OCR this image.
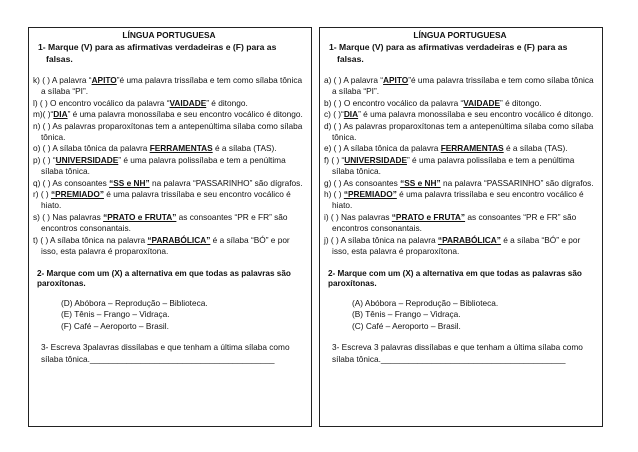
LÍNGUA PORTUGUESA
1- Marque (V) para as afirmativas verdadeiras e (F) para as falsas.
k) ( ) A palavra “APITO”é uma palavra trissílaba e tem como sílaba tônica a sílaba “PI”.
l) ( ) O encontro vocálico da palavra “VAIDADE” é ditongo.
m)( )“DIA” é uma palavra monossílaba e seu encontro vocálico é ditongo.
n) ( ) As palavras proparoxítonas tem a antepenúltima sílaba como sílaba tônica.
o) ( ) A sílaba tônica da palavra FERRAMENTAS é a sílaba (TAS).
p) ( ) “UNIVERSIDADE” é uma palavra polissílaba e tem a penúltima sílaba tônica.
q) ( ) As consoantes “SS e NH” na palavra “PASSARINHO” são dígrafos.
r) ( ) “PREMIADO” é uma palavra trissílaba e seu encontro vocálico é hiato.
s) ( ) Nas palavras “PRATO e FRUTA” as consoantes “PR e FR” são encontros consonantais.
t) ( ) A sílaba tônica na palavra “PARABÓLICA” é a sílaba “BÓ” e por isso, esta palavra é proparoxítona.
2- Marque com um (X) a alternativa em que todas as palavras são paroxítonas.
(D) Abóbora – Reprodução – Biblioteca.
(E) Tênis – Frango – Vidraça.
(F) Café – Aeroporto – Brasil.
3- Escreva 3palavras dissílabas e que tenham a última sílaba como sílaba tônica.________________________________________
LÍNGUA PORTUGUESA
1- Marque (V) para as afirmativas verdadeiras e (F) para as falsas.
a) ( ) A palavra “APITO”é uma palavra trissílaba e tem como sílaba tônica a sílaba “PI”.
b) ( ) O encontro vocálico da palavra “VAIDADE” é ditongo.
c) ( )“DIA” é uma palavra monossílaba e seu encontro vocálico é ditongo.
d) ( ) As palavras proparoxítonas tem a antepenúltima sílaba como sílaba tônica.
e) ( ) A sílaba tônica da palavra FERRAMENTAS é a sílaba (TAS).
f) ( ) “UNIVERSIDADE” é uma palavra polissílaba e tem a penúltima sílaba tônica.
g) ( ) As consoantes “SS e NH” na palavra “PASSARINHO” são dígrafos.
h) ( ) “PREMIADO” é uma palavra trissílaba e seu encontro vocálico é hiato.
i) ( ) Nas palavras “PRATO e FRUTA” as consoantes “PR e FR” são encontros consonantais.
j) ( ) A sílaba tônica na palavra “PARABÓLICA” é a sílaba “BÓ” e por isso, esta palavra é proparoxítona.
2- Marque com um (X) a alternativa em que todas as palavras são paroxítonas.
(A) Abóbora – Reprodução – Biblioteca.
(B) Tênis – Frango – Vidraça.
(C) Café – Aeroporto – Brasil.
3- Escreva 3 palavras dissílabas e que tenham a última sílaba como sílaba tônica.________________________________________
